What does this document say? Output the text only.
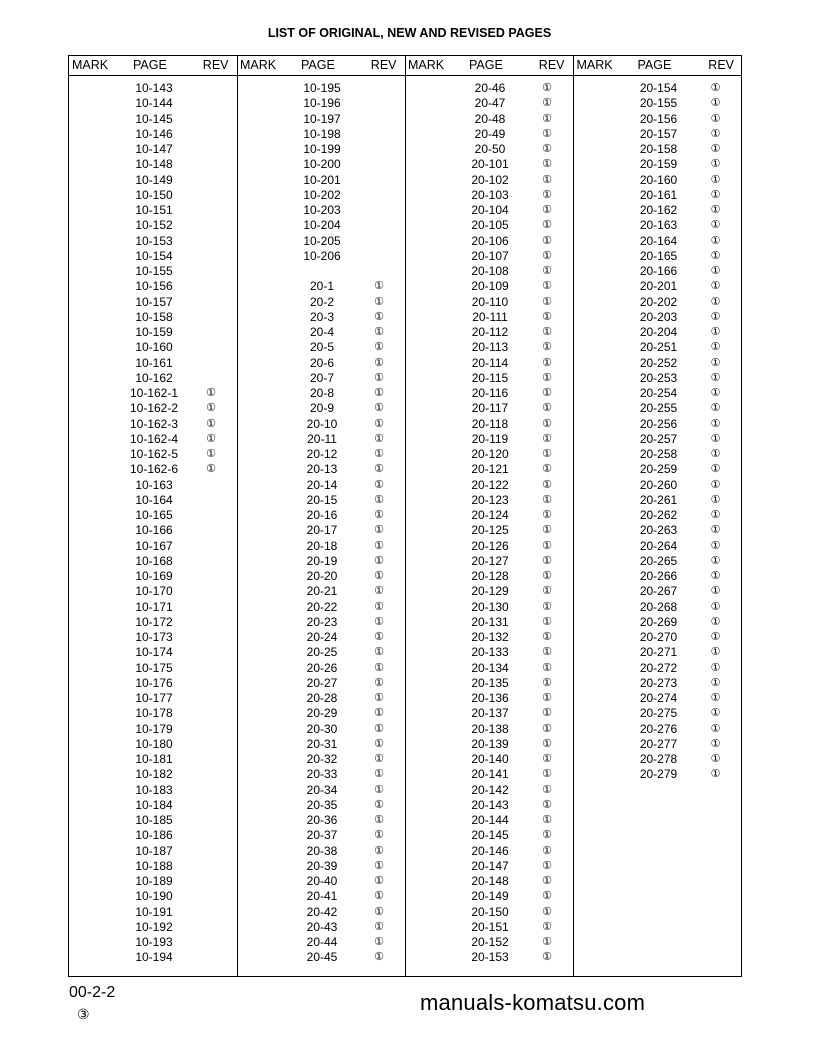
LIST OF ORIGINAL, NEW AND REVISED PAGES
MARK PAGE	REV
10-143
10-144
10-145
10-146
10-147
10-148
10-149
10-150
10-151
10-152
10-153
10-154
10-155
10-156
10-157
10-158
10-159
10-160
10-161
10-162
10-162-1	①
10-162-2	①
10-162-3	①
10-162-4	①
10-162-5	①
10-162-6	①
10-163
10-164
10-165
10-166
10-167
10-168
10-169
10-170
10-171
10-172
10-173
10-174
10-175
10-176
10-177
10-178
10-179
10-180
10-181
10-182
10-183
10-184
10-185
10-186
10-187
10-188
10-189
10-190
10-191
10-192
10-193
10-194
MARK PAGE	REV
10-195
10-196
10-197
10-198
10-199
10-200
10-201
10-202
10-203
10-204
10-205
10-206
20-1	①
20-2	①
20-3	①
20-4	①
20-5	①
20-6	①
20-7	①
20-8	①
20-9	①
20-10	①
20-11	①
20-12	①
20-13	①
20-14	①
20-15	①
20-16	①
20-17	①
20-18	①
20-19	①
20-20	①
20-21	①
20-22	①
20-23	①
20-24	①
20-25	①
20-26	①
20-27	①
20-28	①
20-29	①
20-30	①
20-31	①
20-32	①
20-33	①
20-34	①
20-35	①
20-36	①
20-37	①
20-38	①
20-39	①
20-40	①
20-41	①
20-42	①
20-43	①
20-44	①
20-45	①
MARK PAGE	REV
20-46	①
20-47	①
20-48	①
20-49	①
20-50	①
20-101	①
20-102	①
20-103	①
20-104	①
20-105	①
20-106	①
20-107	①
20-108	①
20-109	①
20-110	①
20-111	①
20-112	①
20-113	①
20-114	①
20-115	①
20-116	①
20-117	①
20-118	①
20-119	①
20-120	①
20-121	①
20-122	①
20-123	①
20-124	①
20-125	①
20-126	①
20-127	①
20-128	①
20-129	①
20-130	①
20-131	①
20-132	①
20-133	①
20-134	①
20-135	①
20-136	①
20-137	①
20-138	①
20-139	①
20-140	①
20-141	①
20-142	①
20-143	①
20-144	①
20-145	①
20-146	①
20-147	①
20-148	①
20-149	①
20-150	①
20-151	①
20-152	①
20-153	①
MARK PAGE	REV
20-154	①
20-155	①
20-156	①
20-157	①
20-158	①
20-159	①
20-160	①
20-161	①
20-162	①
20-163	①
20-164	①
20-165	①
20-166	①
20-201	①
20-202	①
20-203	①
20-204	①
20-251	①
20-252	①
20-253	①
20-254	①
20-255	①
20-256	①
20-257	①
20-258	①
20-259	①
20-260	①
20-261	①
20-262	①
20-263	①
20-264	①
20-265	①
20-266	①
20-267	①
20-268	①
20-269	①
20-270	①
20-271	①
20-272	①
20-273	①
20-274	①
20-275	①
20-276	①
20-277	①
20-278	①
20-279	①
manuals-komatsu.com
00-2-2
③
